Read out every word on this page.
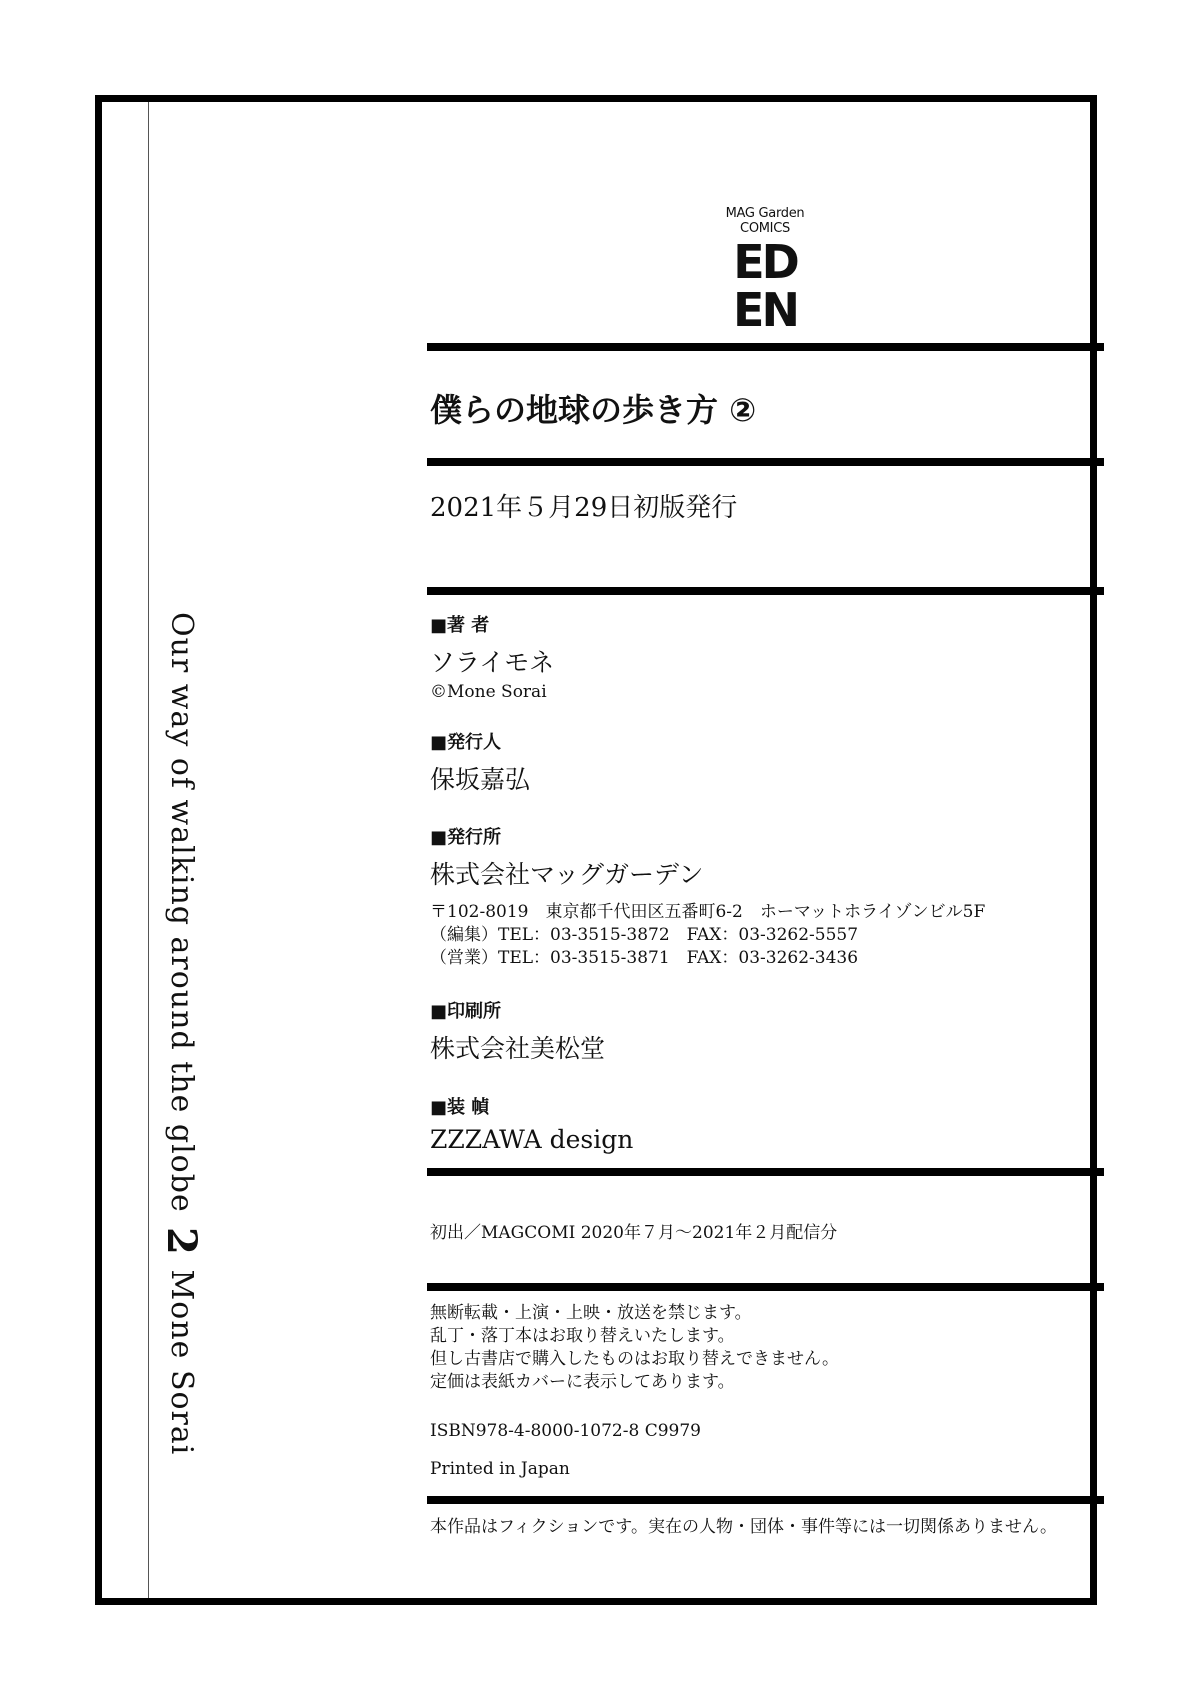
Our way of walking around the globe2Mone Sorai
MAG Garden
COMICS
ED
EN
僕らの地球の歩き方 ②
2021年５月29日初版発行
■著 者
ソライモネ
©Mone Sorai
■発行人
保坂嘉弘
■発行所
株式会社マッグガーデン
〒102-8019　東京都千代田区五番町6-2　ホーマットホライゾンビル5F
（編集）TEL：03-3515-3872　FAX：03-3262-5557
（営業）TEL：03-3515-3871　FAX：03-3262-3436
■印刷所
株式会社美松堂
■装 幀
ZZZAWA design
初出／MAGCOMI 2020年７月～2021年２月配信分
無断転載・上演・上映・放送を禁じます。
乱丁・落丁本はお取り替えいたします。
但し古書店で購入したものはお取り替えできません。
定価は表紙カバーに表示してあります。
ISBN978-4-8000-1072-8 C9979
Printed in Japan
本作品はフィクションです。実在の人物・団体・事件等には一切関係ありません。
